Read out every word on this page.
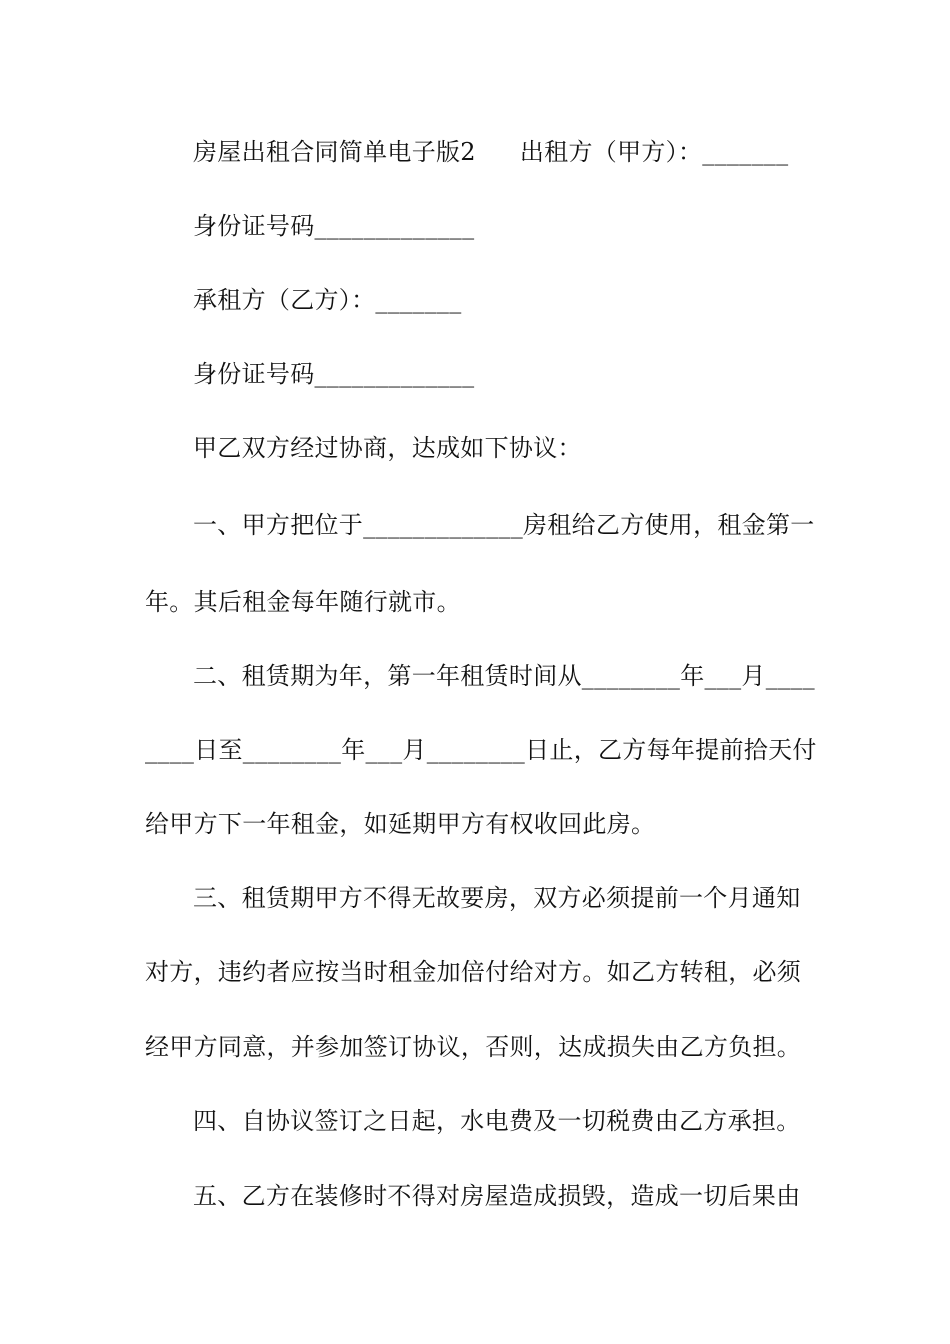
房屋出租合同简单电子版2 出租方（甲方）：_______
身份证号码_____________
承租方（乙方）：_______
身份证号码_____________
甲乙双方经过协商，达成如下协议：
一、甲方把位于_____________房租给乙方使用，租金第一
年。其后租金每年随行就市。
二、租赁期为年，第一年租赁时间从________年___月____
____日至________年___月________日止，乙方每年提前拾天付
给甲方下一年租金，如延期甲方有权收回此房。
三、租赁期甲方不得无故要房，双方必须提前一个月通知
对方，违约者应按当时租金加倍付给对方。如乙方转租，必须
经甲方同意，并参加签订协议，否则，达成损失由乙方负担。
四、自协议签订之日起，水电费及一切税费由乙方承担。
五、乙方在装修时不得对房屋造成损毁，造成一切后果由
